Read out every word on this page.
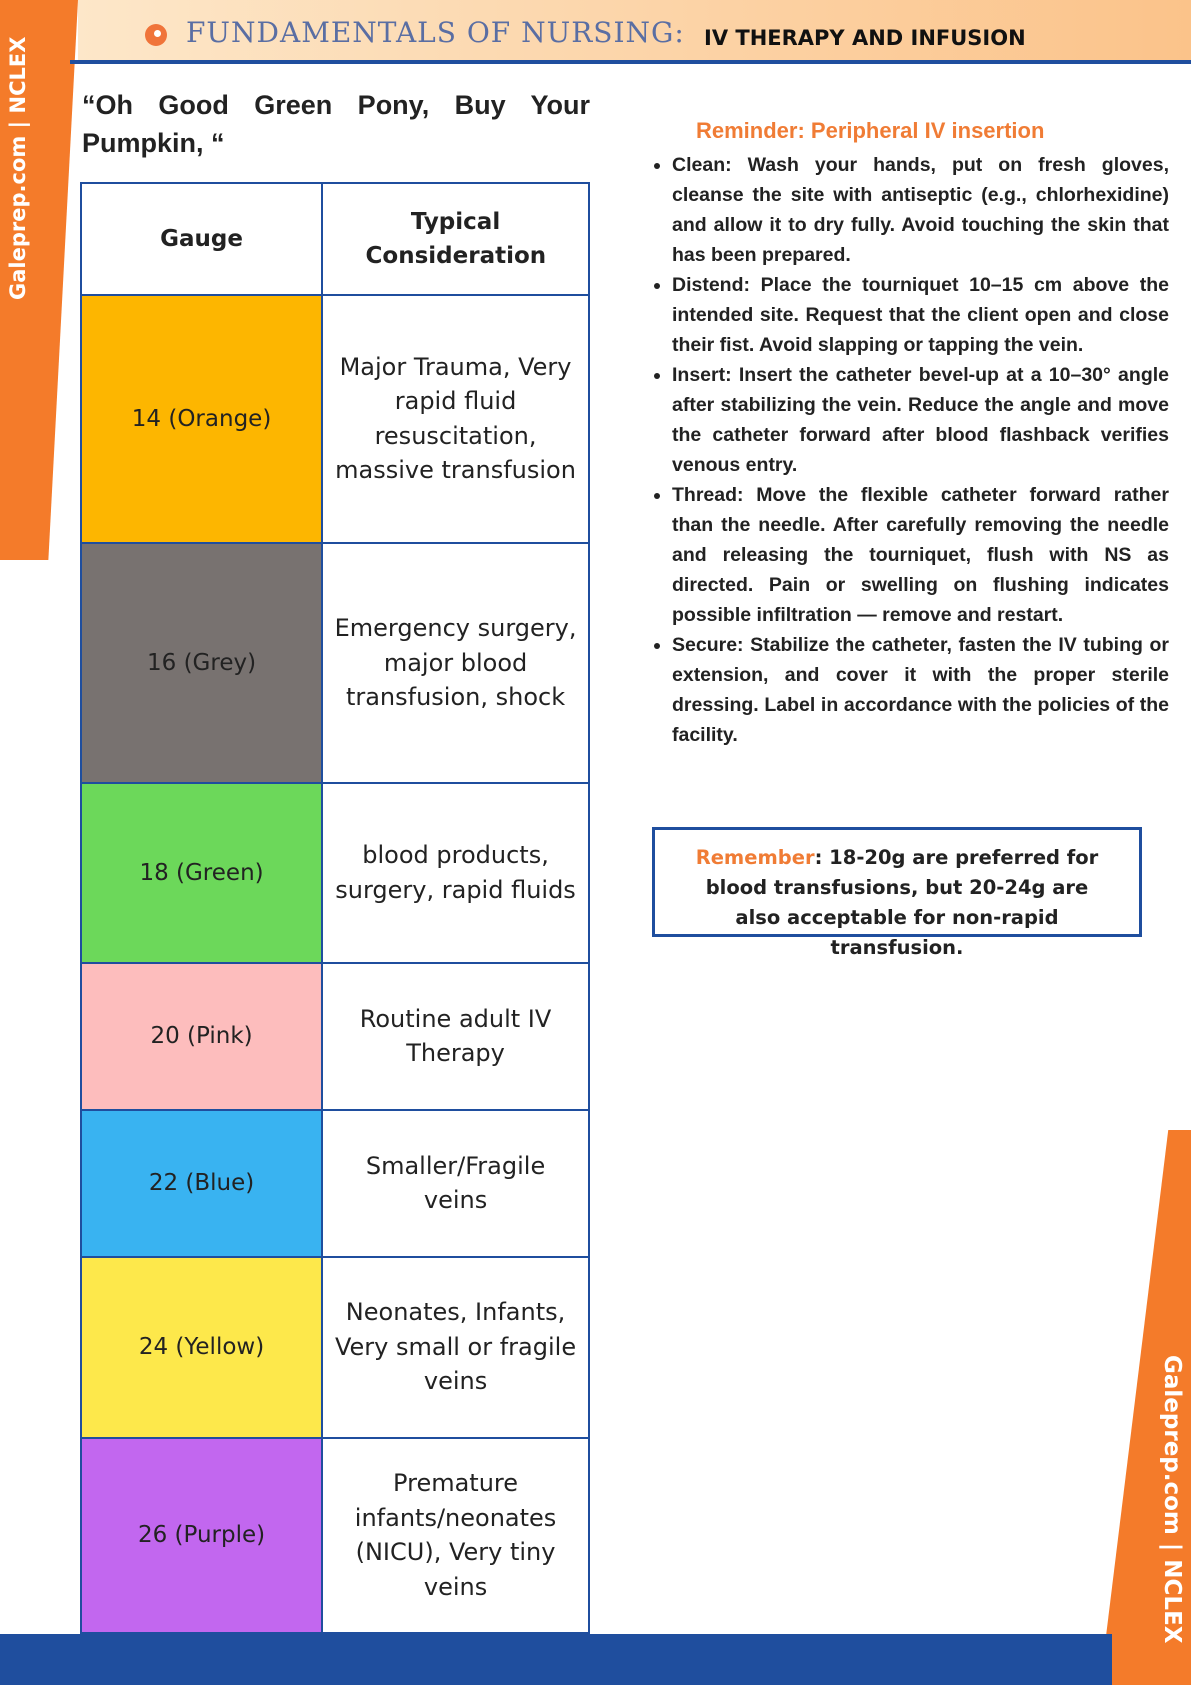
Galeprep.com | NCLEX
Galeprep.com | NCLEX
FUNDAMENTALS OF NURSING: IV THERAPY AND INFUSION
“Oh Good Green Pony, Buy Your Pumpkin, “
Gauge	Typical Consideration
14 (Orange)	Major Trauma, Very rapid fluid resuscitation, massive transfusion
16 (Grey)	Emergency surgery, major blood transfusion, shock
18 (Green)	blood products, surgery, rapid fluids
20 (Pink)	Routine adult IV Therapy
22 (Blue)	Smaller/Fragile veins
24 (Yellow)	Neonates, Infants, Very small or fragile veins
26 (Purple)	Premature infants/neonates (NICU), Very tiny veins
Reminder: Peripheral IV insertion
• Clean: Wash your hands, put on fresh gloves, cleanse the site with antiseptic (e.g., chlorhexidine) and allow it to dry fully. Avoid touching the skin that has been prepared.
• Distend: Place the tourniquet 10–15 cm above the intended site. Request that the client open and close their fist. Avoid slapping or tapping the vein.
• Insert: Insert the catheter bevel-up at a 10–30° angle after stabilizing the vein. Reduce the angle and move the catheter forward after blood flashback verifies venous entry.
• Thread: Move the flexible catheter forward rather than the needle. After carefully removing the needle and releasing the tourniquet, flush with NS as directed. Pain or swelling on flushing indicates possible infiltration — remove and restart.
• Secure: Stabilize the catheter, fasten the IV tubing or extension, and cover it with the proper sterile dressing. Label in accordance with the policies of the facility.
Remember: 18-20g are preferred for blood transfusions, but 20-24g are also acceptable for non-rapid transfusion.
